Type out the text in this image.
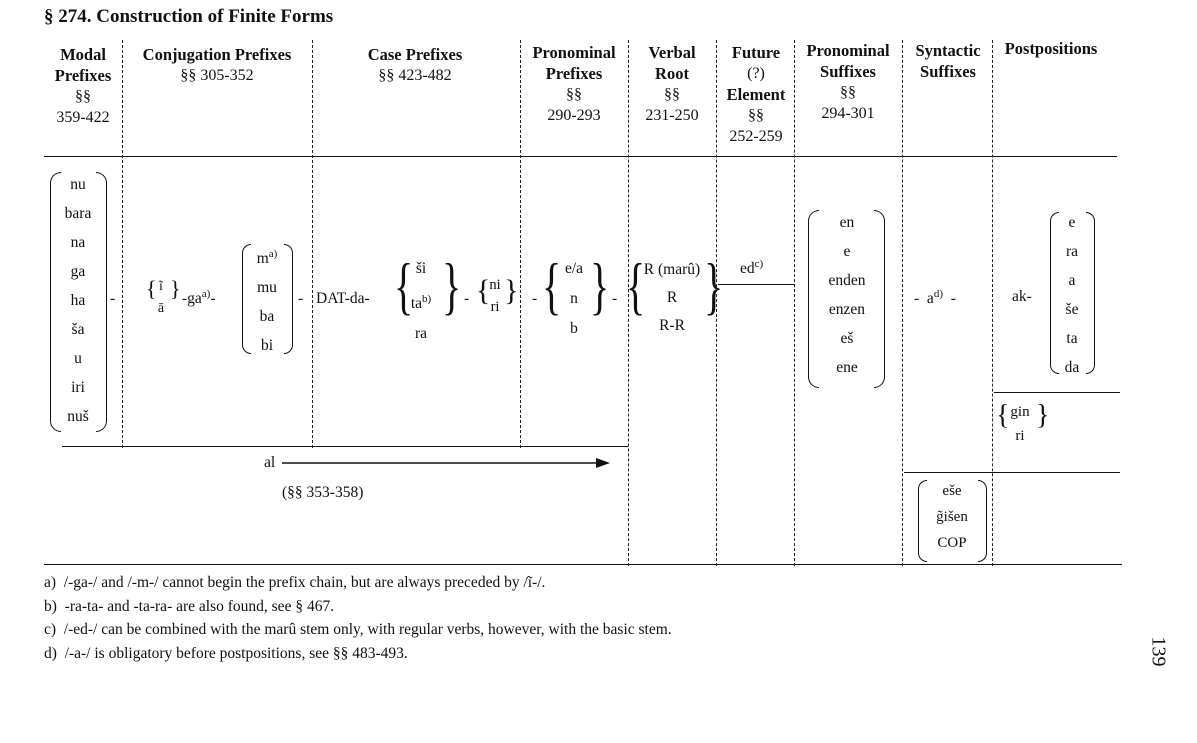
§ 274. Construction of Finite Forms
Modal
Prefixes
§§
359-422
Conjugation Prefixes
§§ 305-352
Case Prefixes
§§ 423-482
Pronominal
Prefixes
§§
290-293
Verbal
Root
§§
231-250
Future
(?)
Element
§§
252-259
Pronominal
Suffixes
§§
294-301
Syntactic
Suffixes
Postpositions
nu
bara
na
ga
ha
ša
u
iri
nuš
- { ĩ
ā
} $-ga^{a)}-$
$m^{a)}$
mu
ba
bi
- DAT-da- { ši
$ta^{b)}$
ra
} - {
ni
ri } - { e/a
n
b
} - {
R (marû)
R
R-R
} $ed^{c)}$
en
e
enden
enzen
eš
ene
-  $a^{d)}$  -
eše
g̃išen
COP
ak-
e
ra
a
še
ta
da
{ gin
ri
}
al
(§§ 353-358)
a) /-ga-/ and /-m-/ cannot begin the prefix chain, but are always preceded by /ĩ-/.
b) -ra-ta- and -ta-ra- are also found, see § 467.
c) /-ed-/ can be combined with the marû stem only, with regular verbs, however, with the basic stem.
d) /-a-/ is obligatory before postpositions, see §§ 483-493.	139
